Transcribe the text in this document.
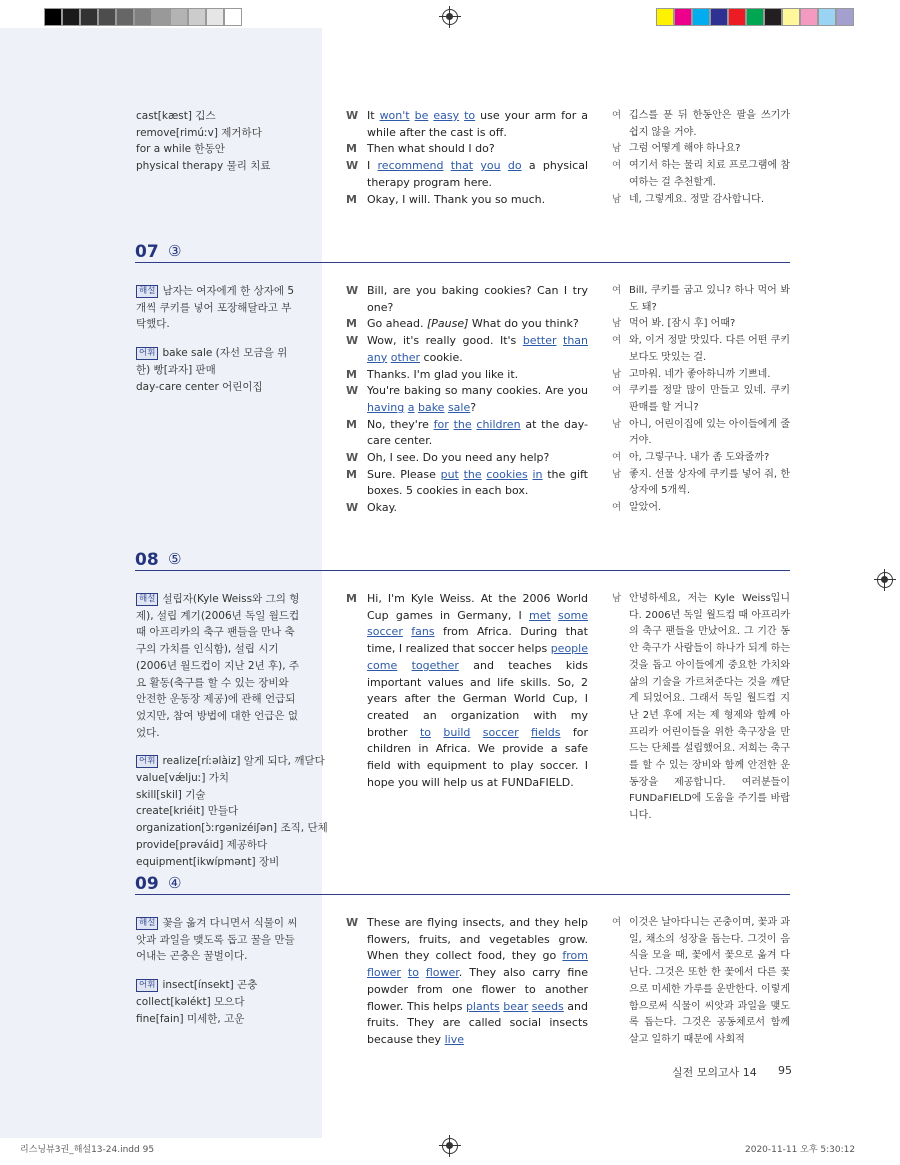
cast[kæst] 깁스
remove[rimúːv] 제거하다
for a while 한동안
physical therapy 물리 치료
W It won't be easy to use your arm for a while after the cast is off.
M Then what should I do?
W I recommend that you do a physical therapy program here.
M Okay, I will. Thank you so much.
여 깁스를 푼 뒤 한동안은 팔을 쓰기가 쉽지 않을 거야.
남 그럼 어떻게 해야 하나요?
여 여기서 하는 물리 치료 프로그램에 참여하는 걸 추천할게.
남 네, 그렇게요. 정말 감사합니다.
07 ③
해설 남자는 여자에게 한 상자에 5개씩 쿠키를 넣어 포장해달라고 부탁했다.
어휘 bake sale (자선 모금을 위한) 빵[과자] 판매
day-care center 어린이집
W Bill, are you baking cookies? Can I try one?
M Go ahead. [Pause] What do you think?
W Wow, it's really good. It's better than any other cookie.
M Thanks. I'm glad you like it.
W You're baking so many cookies. Are you having a bake sale?
M No, they're for the children at the day-care center.
W Oh, I see. Do you need any help?
M Sure. Please put the cookies in the gift boxes. 5 cookies in each box.
W Okay.
여 Bill, 쿠키를 굽고 있니? 하나 먹어 봐도 돼?
남 먹어 봐. [잠시 후] 어때?
여 와, 이거 정말 맛있다. 다른 어떤 쿠키보다도 맛있는 걸.
남 고마워. 네가 좋아하니까 기쁘네.
여 쿠키를 정말 많이 만들고 있네. 쿠키 판매를 할 거니?
남 아니, 어린이집에 있는 아이들에게 줄 거야.
여 아, 그렇구나. 내가 좀 도와줄까?
남 좋지. 선물 상자에 쿠키를 넣어 줘, 한 상자에 5개씩.
여 알았어.
08 ⑤
해설 설립자(Kyle Weiss와 그의 형제), 설립 계기(2006년 독일 월드컵 때 아프리카의 축구 팬들을 만나 축구의 가치를 인식함), 설립 시기(2006년 월드컵이 지난 2년 후), 주요 활동(축구를 할 수 있는 장비와 안전한 운동장 제공)에 관해 언급되었지만, 참여 방법에 대한 언급은 없었다.
어휘 realize[ríːəlàiz] 알게 되다, 깨닫다
value[vǽljuː] 가치
skill[skil] 기술
create[kriéit] 만들다
organization[ɔ̀ːrgənizéiʃən] 조직, 단체
provide[prəváid] 제공하다
equipment[ikwípmənt] 장비
M Hi, I'm Kyle Weiss. At the 2006 World Cup games in Germany, I met some soccer fans from Africa. During that time, I realized that soccer helps people come together and teaches kids important values and life skills. So, 2 years after the German World Cup, I created an organization with my brother to build soccer fields for children in Africa. We provide a safe field with equipment to play soccer. I hope you will help us at FUNDaFIELD.
남 안녕하세요, 저는 Kyle Weiss입니다. 2006년 독일 월드컵 때 아프리카의 축구 팬들을 만났어요. 그 기간 동안 축구가 사람들이 하나가 되게 하는 것을 돕고 아이들에게 중요한 가치와 삶의 기술을 가르쳐준다는 것을 깨닫게 되었어요. 그래서 독일 월드컵 지난 2년 후에 저는 제 형제와 함께 아프리카 어린이들을 위한 축구장을 만드는 단체를 설립했어요. 저희는 축구를 할 수 있는 장비와 함께 안전한 운동장을 제공합니다. 여러분들이 FUNDaFIELD에 도움을 주기를 바랍니다.
09 ④
해설 꽃을 옮겨 다니면서 식물이 씨앗과 과일을 맺도록 돕고 꿀을 만들어내는 곤충은 꿀벌이다.
어휘 insect[ínsekt] 곤충
collect[kəlékt] 모으다
fine[fain] 미세한, 고운
W These are flying insects, and they help flowers, fruits, and vegetables grow. When they collect food, they go from flower to flower. They also carry fine powder from one flower to another flower. This helps plants bear seeds and fruits. They are called social insects because they live
여 이것은 날아다니는 곤충이며, 꽃과 과일, 채소의 성장을 돕는다. 그것이 음식을 모을 때, 꽃에서 꽃으로 옮겨 다닌다. 그것은 또한 한 꽃에서 다른 꽃으로 미세한 가루를 운반한다. 이렇게 함으로써 식물이 씨앗과 과일을 맺도록 돕는다. 그것은 공동체로서 함께 살고 일하기 때문에 사회적
실전 모의고사 14 95
리스닝뷰3권_해설13-24.indd 95	2020-11-11 오후 5:30:12
